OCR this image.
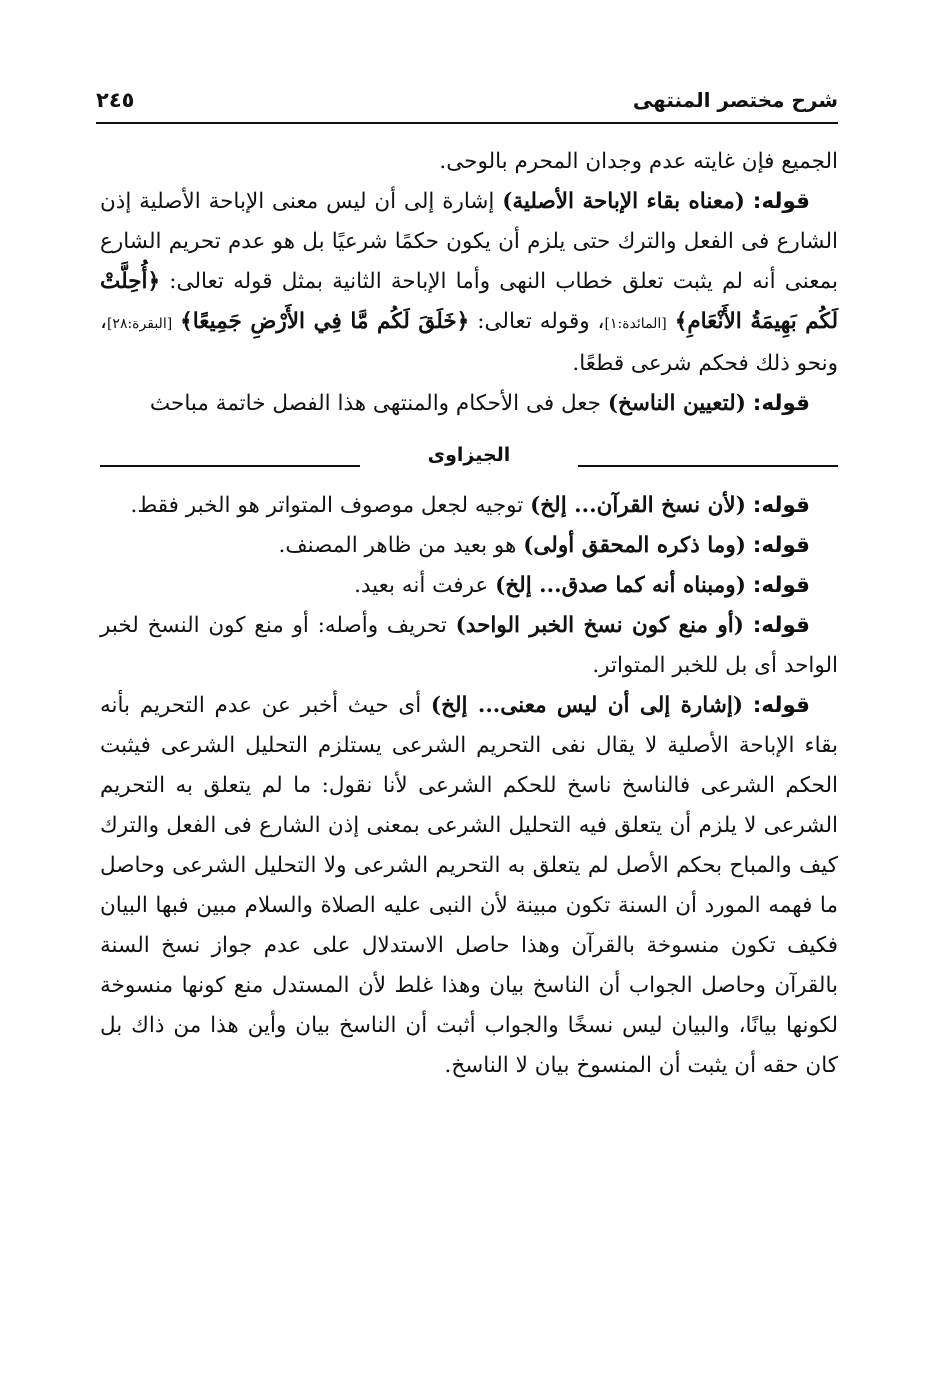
شرح مختصر المنتهى
٢٤٥

الجميع فإن غايته عدم وجدان المحرم بالوحى.

قوله: (معناه بقاء الإباحة الأصلية) إشارة إلى أن ليس معنى الإباحة الأصلية إذن الشارع فى الفعل والترك حتى يلزم أن يكون حكمًا شرعيًا بل هو عدم تحريم الشارع بمعنى أنه لم يثبت تعلق خطاب النهى وأما الإباحة الثانية بمثل قوله تعالى: ﴿أُحِلَّتْ لَكُم بَهِيمَةُ الأَنْعَامِ﴾ [المائدة:١]، وقوله تعالى: ﴿خَلَقَ لَكُم مَّا فِي الأَرْضِ جَمِيعًا﴾ [البقرة:٢٨]، ونحو ذلك فحكم شرعى قطعًا.

قوله: (لتعيين الناسخ) جعل فى الأحكام والمنتهى هذا الفصل خاتمة مباحث

الجيزاوى

قوله: (لأن نسخ القرآن... إلخ) توجيه لجعل موصوف المتواتر هو الخبر فقط.

قوله: (وما ذكره المحقق أولى) هو بعيد من ظاهر المصنف.

قوله: (ومبناه أنه كما صدق... إلخ) عرفت أنه بعيد.

قوله: (أو منع كون نسخ الخبر الواحد) تحريف وأصله: أو منع كون النسخ لخبر الواحد أى بل للخبر المتواتر.

قوله: (إشارة إلى أن ليس معنى... إلخ) أى حيث أخبر عن عدم التحريم بأنه بقاء الإباحة الأصلية لا يقال نفى التحريم الشرعى يستلزم التحليل الشرعى فيثبت الحكم الشرعى فالناسخ ناسخ للحكم الشرعى لأنا نقول: ما لم يتعلق به التحريم الشرعى لا يلزم أن يتعلق فيه التحليل الشرعى بمعنى إذن الشارع فى الفعل والترك كيف والمباح بحكم الأصل لم يتعلق به التحريم الشرعى ولا التحليل الشرعى وحاصل ما فهمه المورد أن السنة تكون مبينة لأن النبى عليه الصلاة والسلام مبين فبها البيان فكيف تكون منسوخة بالقرآن وهذا حاصل الاستدلال على عدم جواز نسخ السنة بالقرآن وحاصل الجواب أن الناسخ بيان وهذا غلط لأن المستدل منع كونها منسوخة لكونها بيانًا، والبيان ليس نسخًا والجواب أثبت أن الناسخ بيان وأين هذا من ذاك بل كان حقه أن يثبت أن المنسوخ بيان لا الناسخ.
